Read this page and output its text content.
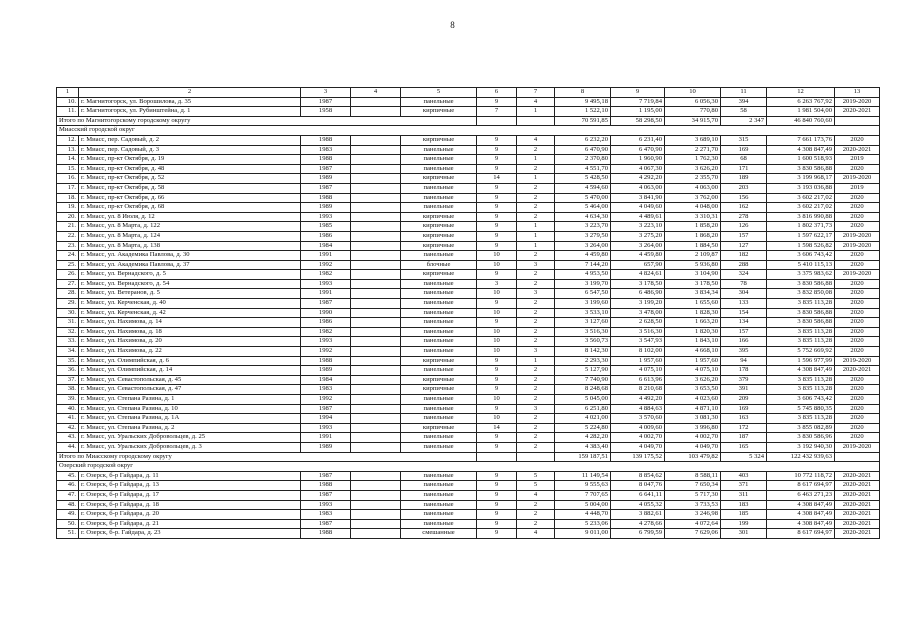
8
1	2	3	4	5	6	7	8	9	10	11	12	13
10.	г. Магнитогорск, ул. Ворошилова, д. 35	1987		панельные	9	4	9 495,18	7 719,84	6 056,30	394	6 263 767,92	2019-2020
11.	г. Магнитогорск, ул. Рубинштейна, д. 1	1958		кирпичные	7	1	1 522,10	1 195,00	770,80	58	1 981 504,00	2020-2021
Итого по Магнитогорскому городскому округу							70 591,85	58 298,50	34 915,70	2 347	46 840 760,60	
Миасский городской округ												
12.	г. Миасс, пер. Садовый, д. 2	1988		кирпичные	9	4	6 232,20	6 231,40	3 689,10	315	7 661 173,76	2020
13.	г. Миасс, пер. Садовый, д. 3	1983		панельные	9	2	6 470,90	6 470,90	2 271,70	169	4 308 847,49	2020-2021
14.	г. Миасс, пр-кт Октября, д. 19	1988		панельные	9	1	2 370,80	1 960,90	1 762,30	68	1 600 518,93	2019
15.	г. Миасс, пр-кт Октября, д. 48	1987		панельные	9	2	4 551,70	4 067,30	3 626,20	171	3 830 586,88	2020
16.	г. Миасс, пр-кт Октября, д. 52	1989		кирпичные	14	1	5 428,50	4 292,20	2 355,70	189	3 199 968,17	2019-2020
17.	г. Миасс, пр-кт Октября, д. 58	1987		панельные	9	2	4 594,60	4 063,00	4 063,00	203	3 193 036,88	2019
18.	г. Миасс, пр-кт Октября, д. 66	1988		панельные	9	2	5 470,00	3 841,90	3 762,00	156	3 602 217,02	2020
19.	г. Миасс, пр-кт Октября, д. 68	1989		панельные	9	2	5 464,00	4 049,60	4 048,00	162	3 602 217,02	2020
20.	г. Миасс, ул. 8 Июля, д. 12	1993		кирпичные	9	2	4 634,30	4 489,61	3 310,31	278	3 816 990,88	2020
21.	г. Миасс, ул. 8 Марта, д. 122	1985		кирпичные	9	1	3 223,70	3 223,10	1 858,20	126	1 802 371,73	2020
22.	г. Миасс, ул. 8 Марта, д. 124	1986		кирпичные	9	1	3 279,50	3 275,20	1 868,20	157	1 597 622,17	2019-2020
23.	г. Миасс, ул. 8 Марта, д. 138	1984		кирпичные	9	1	3 264,00	3 264,00	1 884,50	127	1 598 526,82	2019-2020
24.	г. Миасс, ул. Академика Павлова, д. 30	1991		панельные	10	2	4 459,80	4 459,80	2 109,87	182	3 606 743,42	2020
25.	г. Миасс, ул. Академика Павлова, д. 37	1992		блочные	10	3	7 144,20	657,90	5 936,80	288	5 410 115,13	2020
26.	г. Миасс, ул. Вернадского, д. 5	1982		кирпичные	9	2	4 953,50	4 824,61	3 104,90	324	3 375 983,62	2019-2020
27.	г. Миасс, ул. Вернадского, д. 54	1993		панельные	3	2	3 199,70	3 178,50	3 178,50	78	3 830 586,88	2020
28.	г. Миасс, ул. Ветеранов, д. 5	1991		панельные	10	3	6 547,50	6 486,90	3 834,34	304	3 832 850,08	2020
29.	г. Миасс, ул. Керченская, д. 40	1987		панельные	9	2	3 199,60	3 199,20	1 655,60	133	3 835 113,28	2020
30.	г. Миасс, ул. Керченская, д. 42	1990		панельные	10	2	3 533,10	3 478,00	1 828,30	154	3 830 586,88	2020
31.	г. Миасс, ул. Нахимова, д. 14	1986		панельные	9	2	3 127,60	2 628,50	1 663,20	134	3 830 586,88	2020
32.	г. Миасс, ул. Нахимова, д. 18	1982		панельные	10	2	3 516,30	3 516,30	1 820,30	157	3 835 113,28	2020
33.	г. Миасс, ул. Нахимова, д. 20	1993		панельные	10	2	3 560,73	3 547,93	1 843,10	166	3 835 113,28	2020
34.	г. Миасс, ул. Нахимова, д. 22	1992		панельные	10	3	8 142,30	8 102,00	4 668,10	395	5 752 669,92	2020
35.	г. Миасс, ул. Олимпийская, д. 6	1988		кирпичные	9	1	2 293,30	1 957,60	1 957,60	94	1 596 977,99	2019-2020
36.	г. Миасс, ул. Олимпийская, д. 14	1989		панельные	9	2	5 127,90	4 075,10	4 075,10	178	4 308 847,49	2020-2021
37.	г. Миасс, ул. Севастопольская, д. 45	1984		кирпичные	9	2	7 740,90	6 613,96	3 626,20	379	3 835 113,28	2020
38.	г. Миасс, ул. Севастопольская, д. 47	1983		кирпичные	9	2	8 248,68	8 210,68	3 653,50	391	3 835 113,28	2020
39.	г. Миасс, ул. Степана Разина, д. 1	1992		панельные	10	2	5 045,00	4 492,20	4 023,60	209	3 606 743,42	2020
40.	г. Миасс, ул. Степана Разина, д. 10	1987		панельные	9	3	6 251,80	4 884,63	4 871,10	169	5 745 880,35	2020
41.	г. Миасс, ул. Степана Разина, д. 1А	1994		панельные	10	2	4 021,00	3 570,60	3 081,30	163	3 835 113,28	2020
42.	г. Миасс, ул. Степана Разина, д. 2	1993		кирпичные	14	2	5 224,80	4 009,60	3 996,80	172	3 855 082,89	2020
43.	г. Миасс, ул. Уральских Добровольцев, д. 25	1991		панельные	9	2	4 282,20	4 002,70	4 002,70	187	3 830 586,96	2020
44.	г. Миасс, ул. Уральских Добровольцев, д. 3	1989		панельные	9	2	4 383,40	4 049,70	4 049,70	165	3 192 940,30	2019-2020
Итого по Миасскому городскому округу							159 187,51	139 175,52	103 479,82	5 324	122 432 939,63	
Озерский городской округ												
45.	г. Озерск, б-р Гайдара, д. 11	1987		панельные	9	5	11 149,54	8 854,62	8 588,11	403	10 772 118,72	2020-2021
46.	г. Озерск, б-р Гайдара, д. 13	1988		панельные	9	5	9 555,63	8 047,76	7 650,34	371	8 617 694,97	2020-2021
47.	г. Озерск, б-р Гайдара, д. 17	1987		панельные	9	4	7 707,65	6 641,11	5 717,30	311	6 463 271,23	2020-2021
48.	г. Озерск, б-р Гайдара, д. 18	1993		панельные	9	2	5 004,00	4 055,32	3 733,53	183	4 308 847,49	2020-2021
49.	г. Озерск, б-р Гайдара, д. 20	1983		панельные	9	2	4 448,70	3 882,61	3 246,98	185	4 308 847,49	2020-2021
50.	г. Озерск, б-р Гайдара, д. 21	1987		панельные	9	2	5 233,06	4 278,66	4 072,64	199	4 308 847,49	2020-2021
51.	г. Озерск, б-р. Гайдара, д. 23	1988		смешанные	9	4	9 011,00	6 799,59	7 629,06	301	8 617 694,97	2020-2021
